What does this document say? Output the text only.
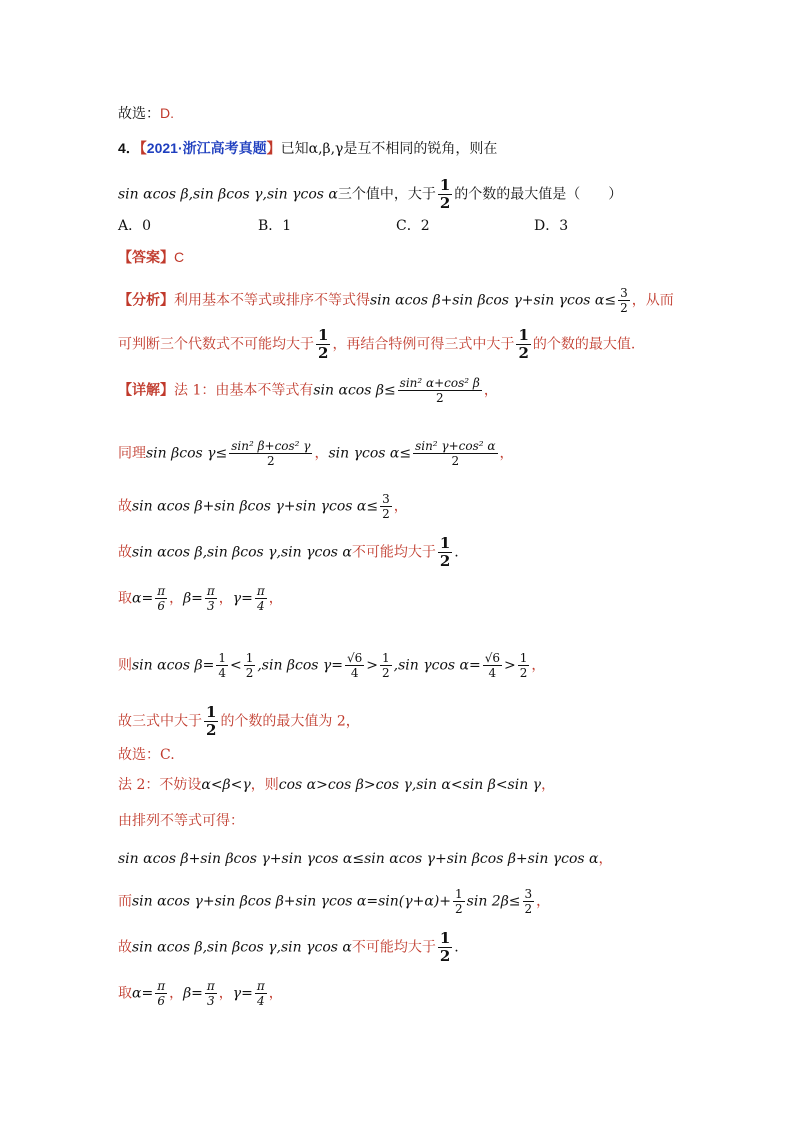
故选：D.
4．【2021·浙江高考真题】已知α,β,γ是互不相同的锐角，则在
sin αcos β,sin βcos γ,sin γcos α三个值中，大于 $\frac{1}{2}$ 的个数的最大值是（　　）
A．0	B．1	C．2	D．3
【答案】C
【分析】利用基本不等式或排序不等式得sin αcos β+sin βcos γ+sin γcos $\alpha\le \frac{3}{2}$ ，从而
可判断三个代数式不可能均大于 $\frac{1}{2}$ ，再结合特例可得三式中大于 $\frac{1}{2}$ 的个数的最大值.
【详解】法 1：由基本不等式有sin αcos $\beta\le \frac{\text{sin² α+cos² β}}{2}$ ，
同理sin βcos $\gamma\le \frac{\text{sin² β+cos² γ}}{2}$ ，sin γcos $\alpha\le \frac{\text{sin² γ+cos² α}}{2}$ ，
故sin αcos β+sin βcos γ+sin γcos $\alpha\le \frac{3}{2}$ ，
故sin αcos β,sin βcos γ,sin γcos α不可能均大于 $\frac{1}{2}$ .
取$\alpha= \frac{\pi}{6}$ ，$\beta= \frac{\pi}{3}$ ，$\gamma= \frac{\pi}{4}$ ，
则sin αcos $\beta= \frac{1}{4} < \frac{1}{2} ,\sin$ βcos $\gamma= \frac{√6}{4} > \frac{1}{2} ,\sin$ γcos $\alpha= \frac{√6}{4} > \frac{1}{2}$ ，
故三式中大于 $\frac{1}{2}$ 的个数的最大值为 2，
故选：C.
法 2：不妨设α<β<γ，则cos α>cos β>cos γ,sin α<sin β<sin γ，
由排列不等式可得：
sin αcos β+sin βcos γ+sin γcos α≤sin αcos γ+sin βcos β+sin γcos α，
而sin αcos γ+sin βcos β+sin γcos $\alpha=\sin(\gamma+\alpha)+ \frac{1}{2}$ $\sin 2\beta\le \frac{3}{2}$ ，
故sin αcos β,sin βcos γ,sin γcos α不可能均大于 $\frac{1}{2}$ .
取$\alpha= \frac{\pi}{6}$ ，$\beta= \frac{\pi}{3}$ ，$\gamma= \frac{\pi}{4}$ ，
